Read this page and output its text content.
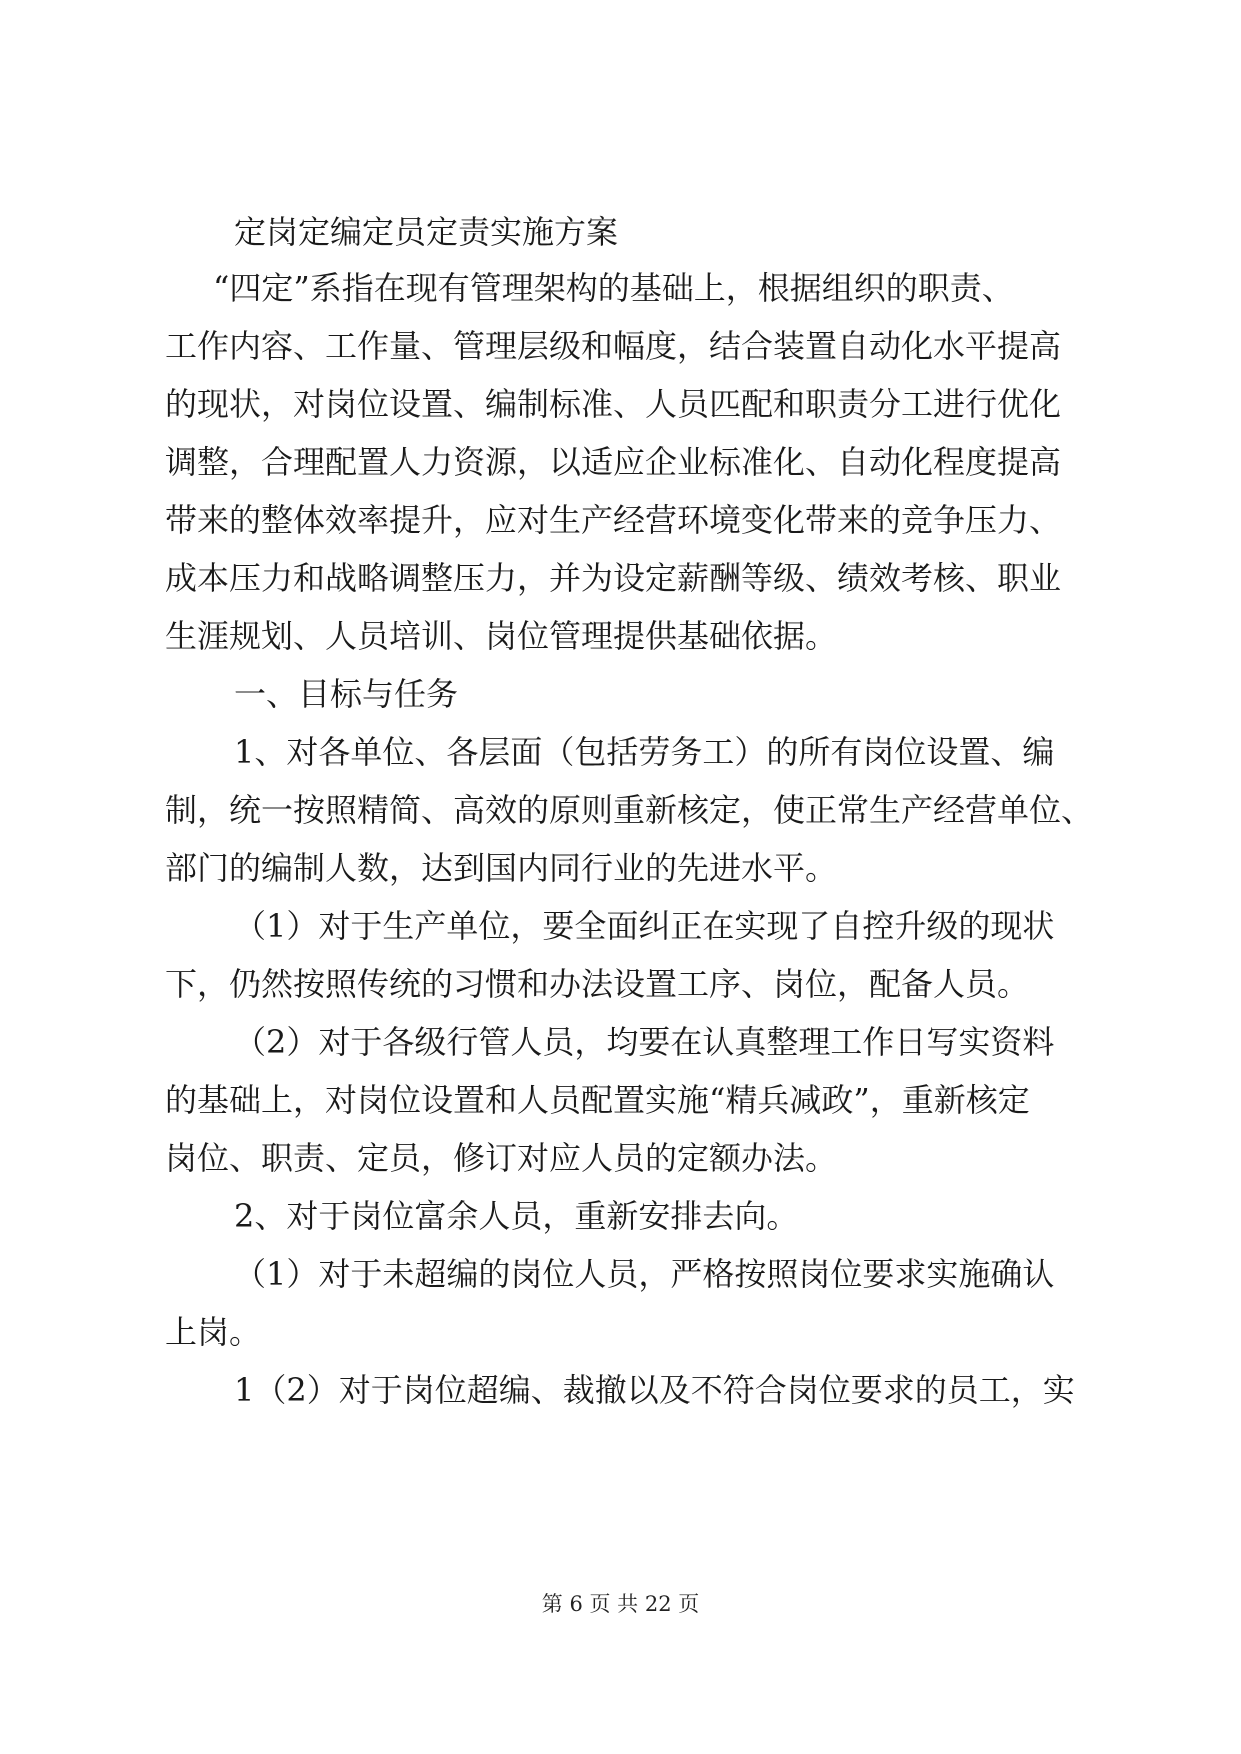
定岗定编定员定责实施方案
“四定”系指在现有管理架构的基础上，根据组织的职责、
工作内容、工作量、管理层级和幅度，结合装置自动化水平提高
的现状，对岗位设置、编制标准、人员匹配和职责分工进行优化
调整，合理配置人力资源，以适应企业标准化、自动化程度提高
带来的整体效率提升，应对生产经营环境变化带来的竞争压力、
成本压力和战略调整压力，并为设定薪酬等级、绩效考核、职业
生涯规划、人员培训、岗位管理提供基础依据。
一、目标与任务
1、对各单位、各层面（包括劳务工）的所有岗位设置、编
制，统一按照精简、高效的原则重新核定，使正常生产经营单位、
部门的编制人数，达到国内同行业的先进水平。
（1）对于生产单位，要全面纠正在实现了自控升级的现状
下，仍然按照传统的习惯和办法设置工序、岗位，配备人员。
（2）对于各级行管人员，均要在认真整理工作日写实资料
的基础上，对岗位设置和人员配置实施“精兵减政”，重新核定
岗位、职责、定员，修订对应人员的定额办法。
2、对于岗位富余人员，重新安排去向。
（1）对于未超编的岗位人员，严格按照岗位要求实施确认
上岗。
1（2）对于岗位超编、裁撤以及不符合岗位要求的员工，实
第 6 页 共 22 页
